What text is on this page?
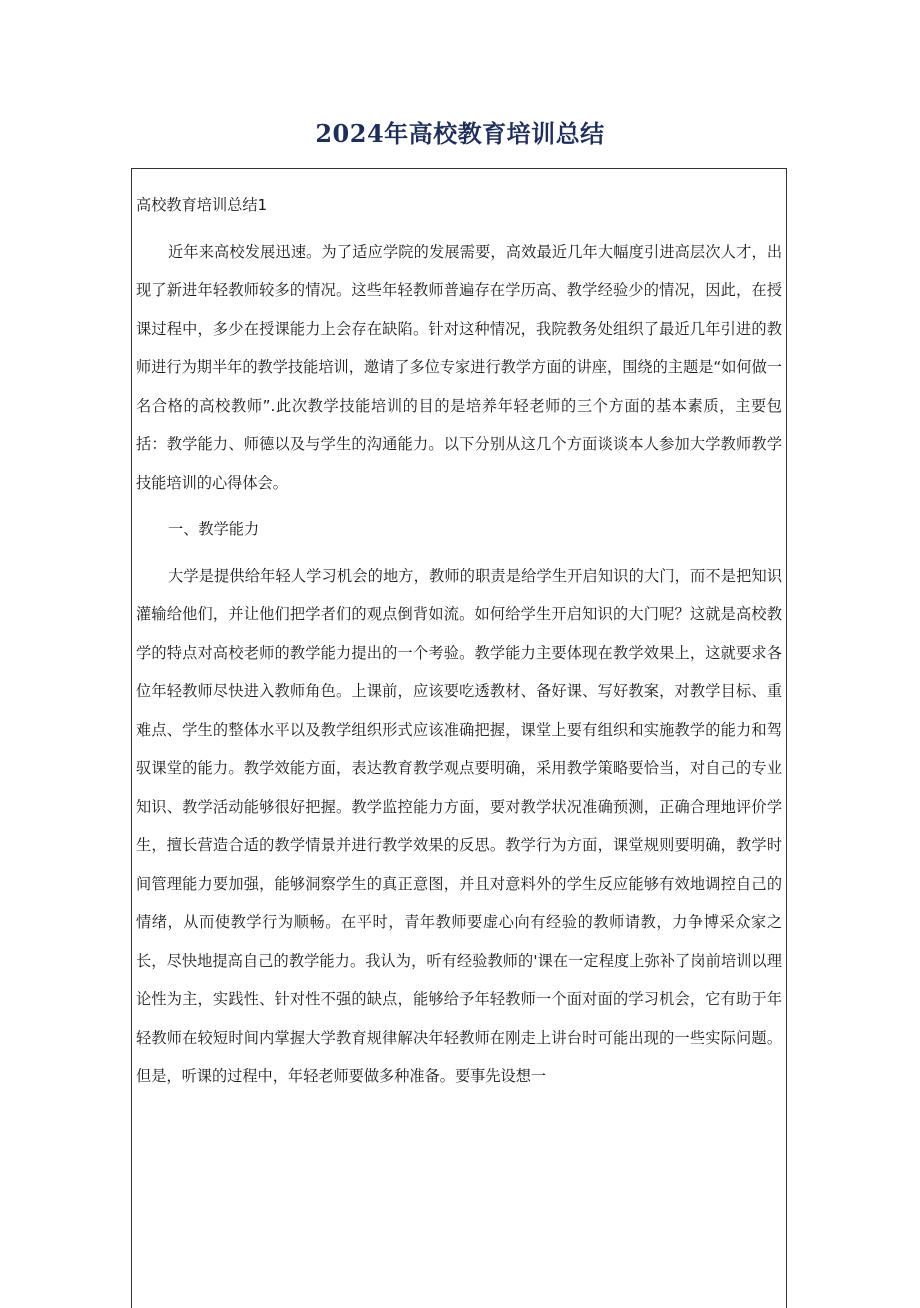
2024年高校教育培训总结

高校教育培训总结1

近年来高校发展迅速。为了适应学院的发展需要，高效最近几年大幅度引进高层次人才，出现了新进年轻教师较多的情况。这些年轻教师普遍存在学历高、教学经验少的情况，因此，在授课过程中，多少在授课能力上会存在缺陷。针对这种情况，我院教务处组织了最近几年引进的教师进行为期半年的教学技能培训，邀请了多位专家进行教学方面的讲座，围绕的主题是“如何做一名合格的高校教师”.此次教学技能培训的目的是培养年轻老师的三个方面的基本素质，主要包括：教学能力、师德以及与学生的沟通能力。以下分别从这几个方面谈谈本人参加大学教师教学技能培训的心得体会。

一、教学能力

大学是提供给年轻人学习机会的地方，教师的职责是给学生开启知识的大门，而不是把知识灌输给他们，并让他们把学者们的观点倒背如流。如何给学生开启知识的大门呢？这就是高校教学的特点对高校老师的教学能力提出的一个考验。教学能力主要体现在教学效果上，这就要求各位年轻教师尽快进入教师角色。上课前，应该要吃透教材、备好课、写好教案，对教学目标、重难点、学生的整体水平以及教学组织形式应该准确把握，课堂上要有组织和实施教学的能力和驾驭课堂的能力。教学效能方面，表达教育教学观点要明确，采用教学策略要恰当，对自己的专业知识、教学活动能够很好把握。教学监控能力方面，要对教学状况准确预测，正确合理地评价学生，擅长营造合适的教学情景并进行教学效果的反思。教学行为方面，课堂规则要明确，教学时间管理能力要加强，能够洞察学生的真正意图，并且对意料外的学生反应能够有效地调控自己的情绪，从而使教学行为顺畅。在平时，青年教师要虚心向有经验的教师请教，力争博采众家之长，尽快地提高自己的教学能力。我认为，听有经验教师的'课在一定程度上弥补了岗前培训以理论性为主，实践性、针对性不强的缺点，能够给予年轻教师一个面对面的学习机会，它有助于年轻教师在较短时间内掌握大学教育规律解决年轻教师在刚走上讲台时可能出现的一些实际问题。但是，听课的过程中，年轻老师要做多种准备。要事先设想一
